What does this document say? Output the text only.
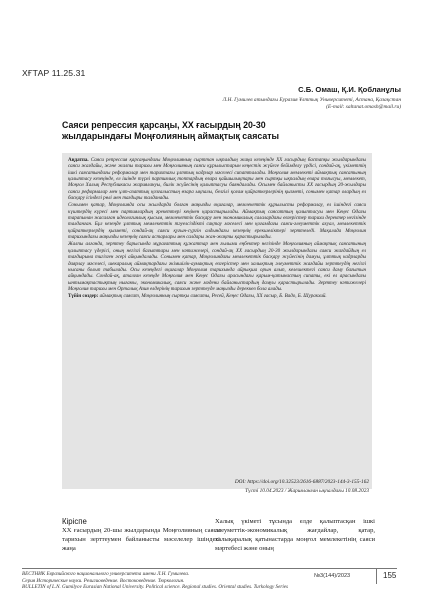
ХҒТАР 11.25.31
С.Б. Омаш, Қ.И. Қобланұлы
Л.Н. Гумилев атындағы Еуразия Ұлттық Университеті, Астана, Қазақстан
(E-mail: saltanat.omash@mail.ru)
Саяси репрессия қарсаңы, ХХ ғасырдың 20-30
жылдарындағы Моңғолияның аймақтық саясаты

Аңдатпа. Саяси репрессия қарсаңындағы Моңғолияның сырттан ықпалдың жаңа кезеңінде ХХ ғасырдың бастапқы жылдарындағы саяси жағдайы, және жалпы тарихы мен Моңғолияның саяси құрылыстарын кеңестік жүйеге бейімделу үрдісі, сондай-ақ, үкіметтің ішкі саясатындағы реформалар мен тарихтағы ұлттық кадрлар мәселесі сипатталады. Моңғолия мемлекеті аймақтық саясатының қалыптасу кезеңінде, ел ішінде түрлі партиялық топтардың өзара қайшылықтары мен сыртқы ықпалдың өзара тоғысуы, мемлекет, Моңғол Халық Республикасы жариялануы, билік жүйесінің қалыптасуы баяндалады. Осымен байланысты ХХ ғасырдың 20-жылдары саяси реформалар мен ұлт-азаттық қозғалыстың өзара ықпалы, белгілі қоғам қайраткерлерінің қызметі, сонымен қатар олардың ел басқару ісіндегі рөлі мен тағдыры талданады.

Сонымен қатар, Моңғолияда осы жылдарда болған маңызды оқиғалар, мемлекеттік құрылысты реформалау, ел ішіндегі саяси күштердің күресі мен партиялардың әрекеттері кеңінен қарастырылады. Аймақтық саясаттың қалыптасуы мен Кеңес Одағы тарапынан жасалған идеологиялық қысым, мемлекеттік басқару мен экономикалық салалардағы өзгерістер тарихи деректер негізінде талданған. Бұл кезеңде ұлттық мемлекеттік тәуелсіздікті сақтау мәселесі мен қоғамдағы саяси-әлеуметтік ахуал, мемлекеттік қайраткерлердің қызметі, сондай-ақ саяси қуғын-сүргін алдындағы кезеңнің ерекшеліктері зерттеледі. Мақалада Моңғолия тарихындағы маңызды кезеңнің саяси астарлары мен салдары жан-жақты қарастырылады.

Жалпы алғанда, зерттеу барысында мұрағаттық құжаттар мен ғылыми еңбектер негізінде Моңғолияның аймақтық саясатының қалыптасу үдерісі, оның негізгі бағыттары мен нәтижелері, сондай-ақ ХХ ғасырдың 20-30 жылдарындағы саяси жағдайдың ел тағдырына тигізген әсері айқындалады. Сонымен қатар, Моңғолиядағы мемлекеттік басқару жүйесінің дамуы, ұлттық кадрларды даярлау мәселесі, шекаралық аймақтардағы әкімшілік-аумақтық өзгерістер мен халықтың әлеуметтік жағдайы зерттеудің негізгі нысаны болып табылады. Осы кезеңдегі оқиғалар Моңғолия тарихында айрықша орын алып, келешектегі саяси даму бағытын айқындады. Сондай-ақ, аталған кезеңде Моңғолия мен Кеңес Одағы арасындағы қарым-қатынастың сипаты, екі ел арасындағы ынтымақтастықтың нығаюы, экономикалық, саяси және мәдени байланыстардың дамуы қарастырылады. Зерттеу нәтижелері Моңғолия тарихы мен Орталық Азия елдерінің тарихын зерттеуде маңызды дереккөз бола алады.

Түйін сөздер: аймақтық саясат, Моңғолияның сыртқы саясаты, Ресей, Кеңес Одағы, ХХ ғасыр, Б. Вадо, Б. Шуракхий.

DOI: https://doi.org/10.32523/2616-6887/2023-144-3-155-162
Түсті 10.04.2023 / Жарияланған ықпалдағы 10.08.2023
Кіріспе
ХХ ғасырдың 20-шы жылдарында Моңғолияның саяси тарихын зерттеумен байланысты мәселелер ішіндегі жаңа
Халық үкіметі тұсында елде қалыптасқан ішкі әлеуметтік-экономикалық жағдайлар, қатар, халықаралық қатынастарда моңғол мемлекетінің саяси мәртебесі және оның
ВЕСТНИК Евразийского национального университета имени Л.Н. Гумилева.
Серия Исторические науки. Религиоведение. Востоковедение. Тюркология.
BULLETIN of L.N. Gumilyov Eurasian National University. Political science. Regional studies. Oriental studies. Turkology Series
№3(144)/2023	155
